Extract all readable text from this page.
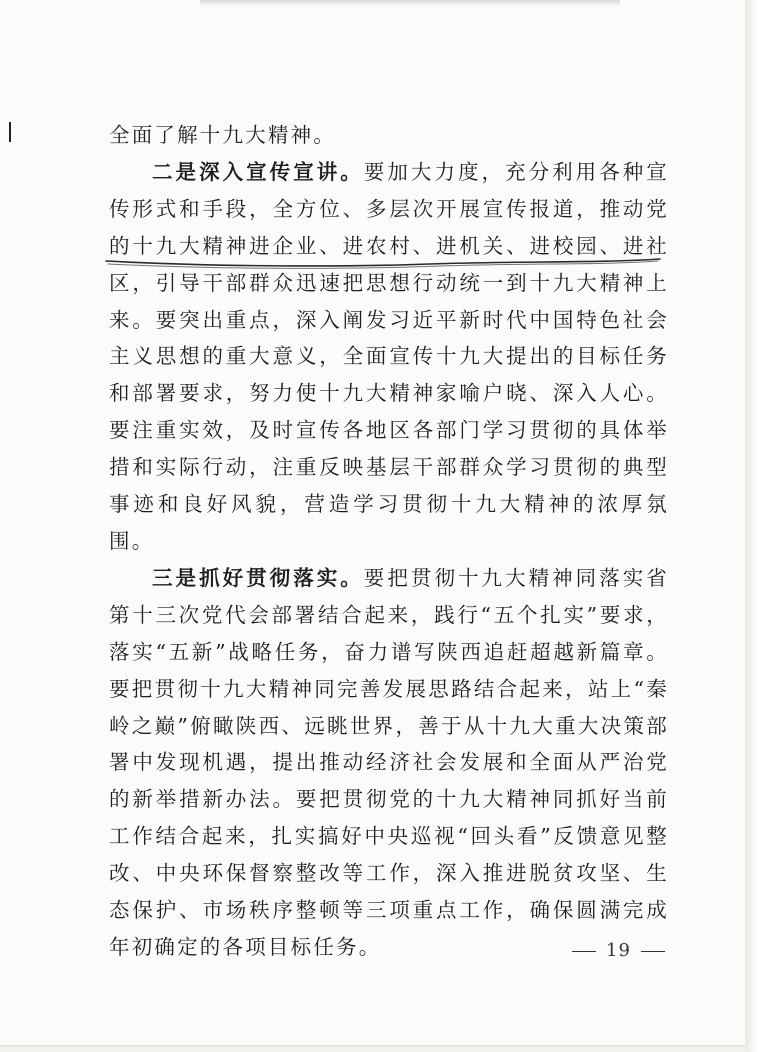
全面了解十九大精神。

二是深入宣传宣讲。要加大力度，充分利用各种宣传形式和手段，全方位、多层次开展宣传报道，推动党的十九大精神进企业、进农村、进机关、进校园、进社区，引导干部群众迅速把思想行动统一到十九大精神上来。要突出重点，深入阐发习近平新时代中国特色社会主义思想的重大意义，全面宣传十九大提出的目标任务和部署要求，努力使十九大精神家喻户晓、深入人心。要注重实效，及时宣传各地区各部门学习贯彻的具体举措和实际行动，注重反映基层干部群众学习贯彻的典型事迹和良好风貌，营造学习贯彻十九大精神的浓厚氛围。

三是抓好贯彻落实。要把贯彻十九大精神同落实省第十三次党代会部署结合起来，践行“五个扎实”要求，落实“五新”战略任务，奋力谱写陕西追赶超越新篇章。要把贯彻十九大精神同完善发展思路结合起来，站上“秦岭之巅”俯瞰陕西、远眺世界，善于从十九大重大决策部署中发现机遇，提出推动经济社会发展和全面从严治党的新举措新办法。要把贯彻党的十九大精神同抓好当前工作结合起来，扎实搞好中央巡视“回头看”反馈意见整改、中央环保督察整改等工作，深入推进脱贫攻坚、生态保护、市场秩序整顿等三项重点工作，确保圆满完成年初确定的各项目标任务。	19
